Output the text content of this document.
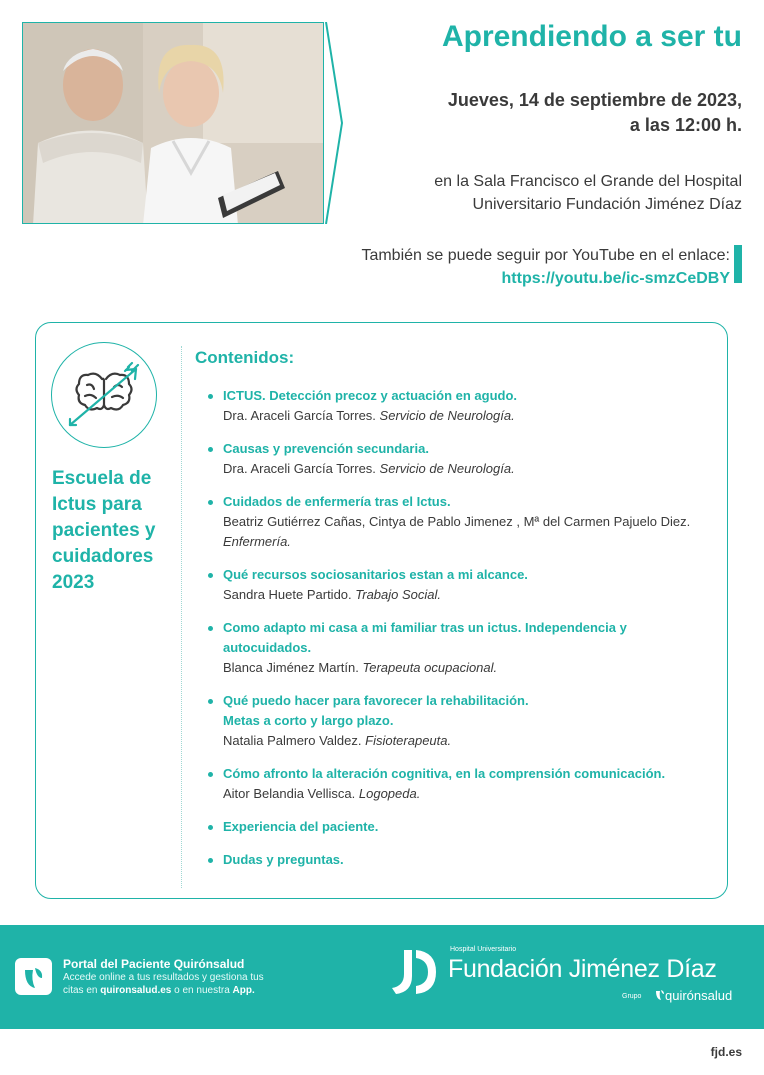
Aprendiendo a ser tu
Jueves, 14 de septiembre de 2023,
a las 12:00 h.
en la Sala Francisco el Grande del Hospital
Universitario Fundación Jiménez Díaz
También se puede seguir por YouTube en el enlace:
https://youtu.be/ic-smzCeDBY
Escuela de
Ictus para
pacientes y
cuidadores
2023
Contenidos:
ICTUS. Detección precoz y actuación en agudo.
Dra. Araceli García Torres. Servicio de Neurología.
Causas y prevención secundaria.
Dra. Araceli García Torres. Servicio de Neurología.
Cuidados de enfermería tras el Ictus.
Beatriz Gutiérrez Cañas, Cintya de Pablo Jimenez , Mª del Carmen Pajuelo Diez. Enfermería.
Qué recursos sociosanitarios estan a mi alcance.
Sandra Huete Partido. Trabajo Social.
Como adapto mi casa a mi familiar tras un ictus. Independencia y autocuidados.
Blanca Jiménez Martín. Terapeuta ocupacional.
Qué puedo hacer para favorecer la rehabilitación.
Metas a corto y largo plazo.
Natalia Palmero Valdez. Fisioterapeuta.
Cómo afronto la alteración cognitiva, en la comprensión comunicación.
Aitor Belandia Vellisca. Logopeda.
Experiencia del paciente.
Dudas y preguntas.
Portal del Paciente Quirónsalud
Accede online a tus resultados y gestiona tus citas en quironsalud.es o en nuestra App.
Hospital Universitario
Fundación Jiménez Díaz
Grupo quirónsalud
fjd.es
